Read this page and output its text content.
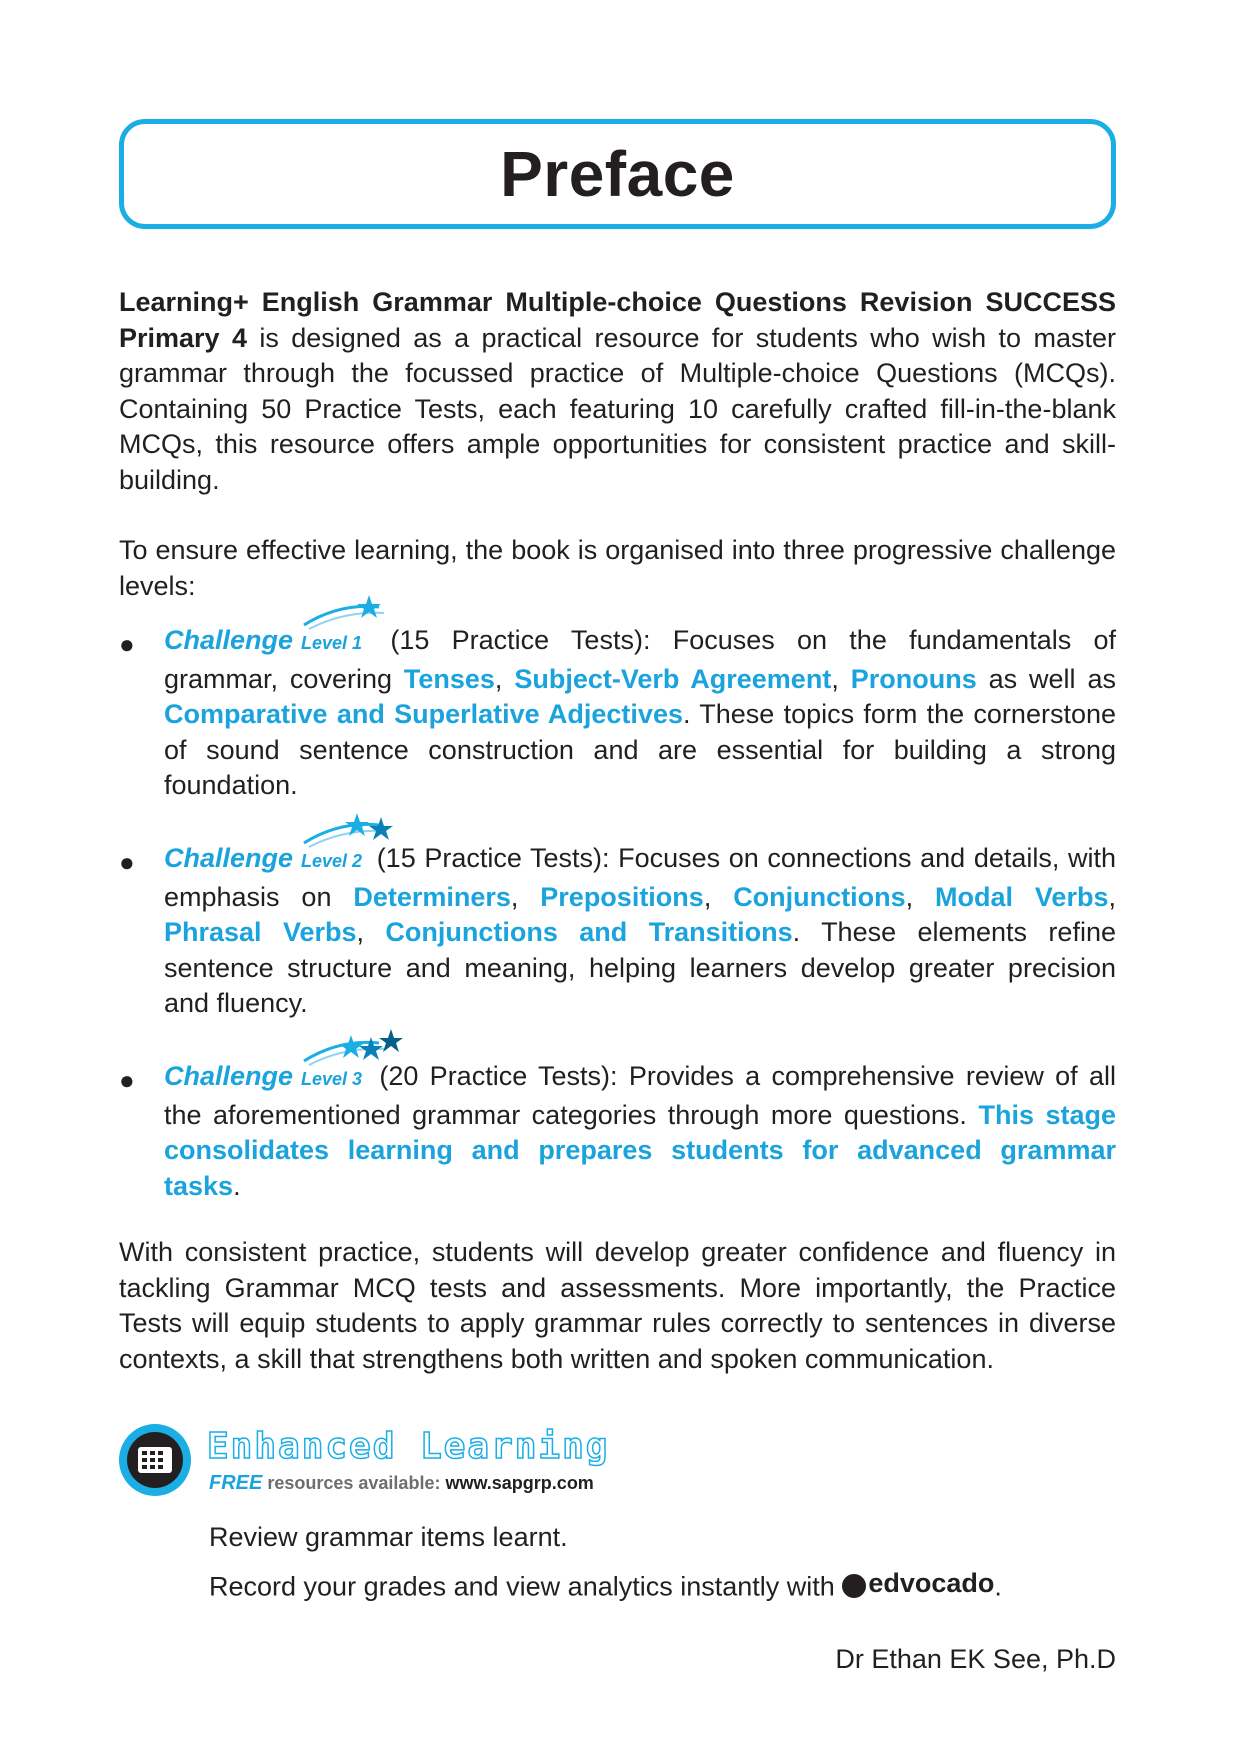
Preface

Learning+ English Grammar Multiple-choice Questions Revision SUCCESS Primary 4 is designed as a practical resource for students who wish to master grammar through the focussed practice of Multiple-choice Questions (MCQs). Containing 50 Practice Tests, each featuring 10 carefully crafted fill-in-the-blank MCQs, this resource offers ample opportunities for consistent practice and skill-building.

To ensure effective learning, the book is organised into three progressive challenge levels:

● Challenge Level 1 (15 Practice Tests): Focuses on the fundamentals of grammar, covering Tenses, Subject-Verb Agreement, Pronouns as well as Comparative and Superlative Adjectives. These topics form the cornerstone of sound sentence construction and are essential for building a strong foundation.

● Challenge Level 2 (15 Practice Tests): Focuses on connections and details, with emphasis on Determiners, Prepositions, Conjunctions, Modal Verbs, Phrasal Verbs, Conjunctions and Transitions. These elements refine sentence structure and meaning, helping learners develop greater precision and fluency.

● Challenge Level 3 (20 Practice Tests): Provides a comprehensive review of all the aforementioned grammar categories through more questions. This stage consolidates learning and prepares students for advanced grammar tasks.

With consistent practice, students will develop greater confidence and fluency in tackling Grammar MCQ tests and assessments. More importantly, the Practice Tests will equip students to apply grammar rules correctly to sentences in diverse contexts, a skill that strengthens both written and spoken communication.

Enhanced Learning
FREE resources available: www.sapgrp.com

Review grammar items learnt.

Record your grades and view analytics instantly with edvocado .

Dr Ethan EK See, Ph.D
